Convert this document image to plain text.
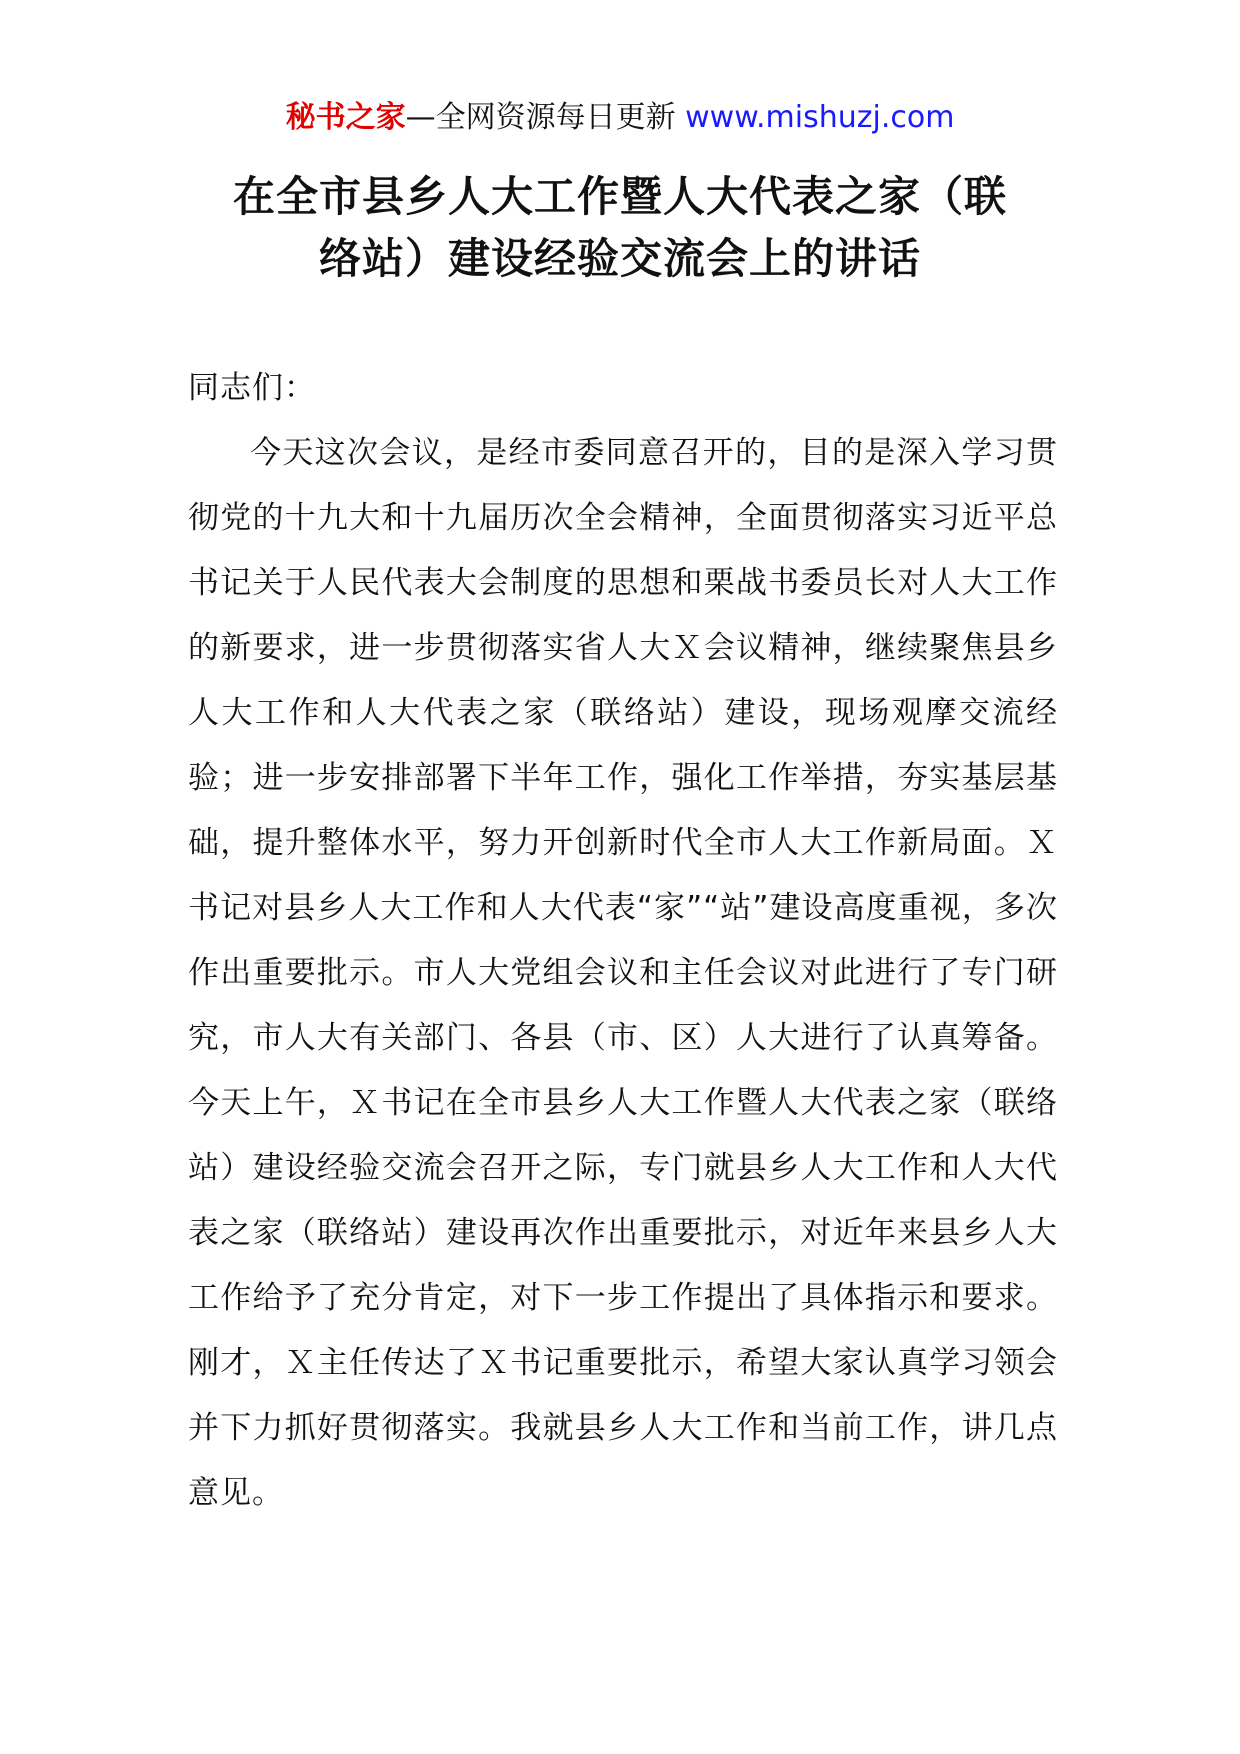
秘书之家—全网资源每日更新 www.mishuzj.com
在全市县乡人大工作暨人大代表之家（联
络站）建设经验交流会上的讲话

同志们：

今天这次会议，是经市委同意召开的，目的是深入学习贯彻党的十九大和十九届历次全会精神，全面贯彻落实习近平总书记关于人民代表大会制度的思想和栗战书委员长对人大工作的新要求，进一步贯彻落实省人大Ｘ会议精神，继续聚焦县乡人大工作和人大代表之家（联络站）建设，现场观摩交流经验；进一步安排部署下半年工作，强化工作举措，夯实基层基础，提升整体水平，努力开创新时代全市人大工作新局面。Ｘ书记对县乡人大工作和人大代表“家”“站”建设高度重视，多次作出重要批示。市人大党组会议和主任会议对此进行了专门研究，市人大有关部门、各县（市、区）人大进行了认真筹备。今天上午，Ｘ书记在全市县乡人大工作暨人大代表之家（联络站）建设经验交流会召开之际，专门就县乡人大工作和人大代表之家（联络站）建设再次作出重要批示，对近年来县乡人大工作给予了充分肯定，对下一步工作提出了具体指示和要求。刚才，Ｘ主任传达了Ｘ书记重要批示，希望大家认真学习领会并下力抓好贯彻落实。我就县乡人大工作和当前工作，讲几点意见。
